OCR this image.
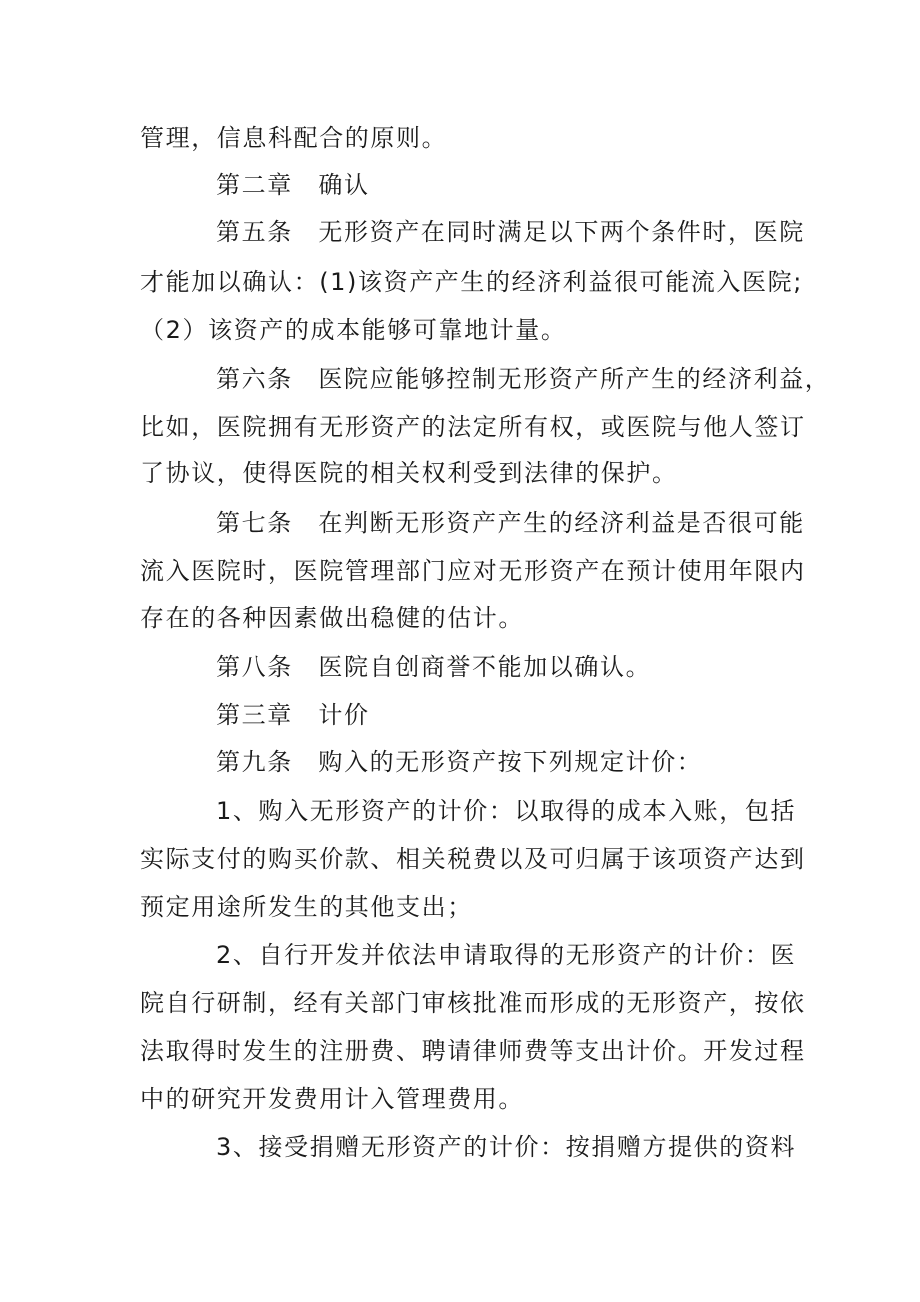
管理，信息科配合的原则。
第二章　确认
第五条　无形资产在同时满足以下两个条件时，医院
才能加以确认：(1)该资产产生的经济利益很可能流入医院;
（2）该资产的成本能够可靠地计量。
第六条　医院应能够控制无形资产所产生的经济利益，
比如，医院拥有无形资产的法定所有权，或医院与他人签订
了协议，使得医院的相关权利受到法律的保护。
第七条　在判断无形资产产生的经济利益是否很可能
流入医院时，医院管理部门应对无形资产在预计使用年限内
存在的各种因素做出稳健的估计。
第八条　医院自创商誉不能加以确认。
第三章　计价
第九条　购入的无形资产按下列规定计价：
1、购入无形资产的计价：以取得的成本入账，包括
实际支付的购买价款、相关税费以及可归属于该项资产达到
预定用途所发生的其他支出；
2、自行开发并依法申请取得的无形资产的计价：医
院自行研制，经有关部门审核批准而形成的无形资产，按依
法取得时发生的注册费、聘请律师费等支出计价。开发过程
中的研究开发费用计入管理费用。
3、接受捐赠无形资产的计价：按捐赠方提供的资料
